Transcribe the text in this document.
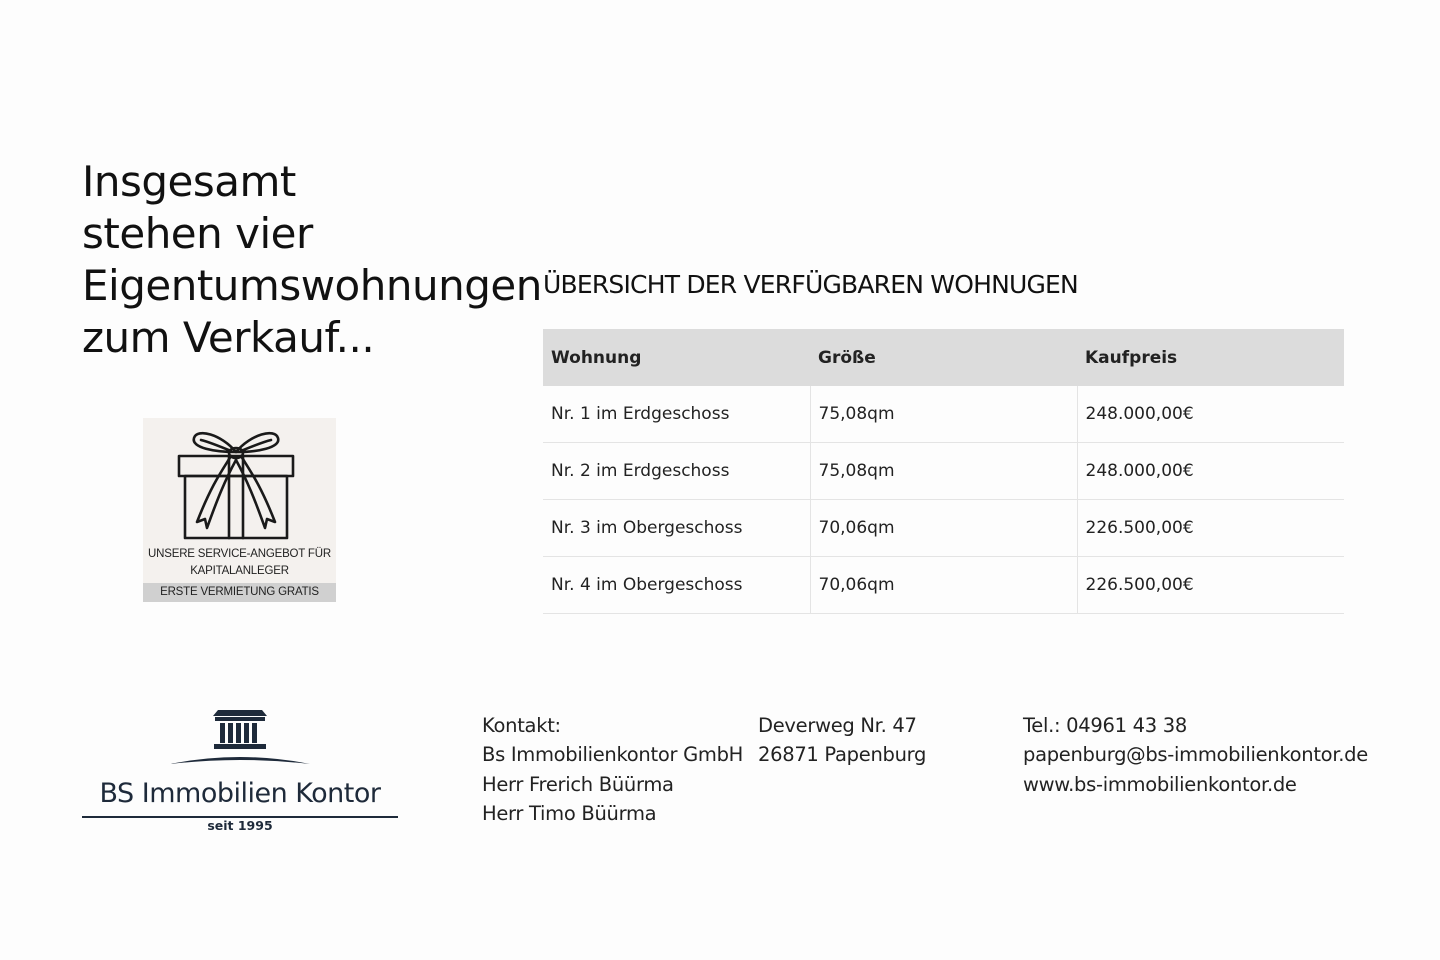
Insgesamt
stehen vier
Eigentumswohnungen
zum Verkauf...
UNSERE SERVICE-ANGEBOT FÜR
KAPITALANLEGER
ERSTE VERMIETUNG GRATIS
ÜBERSICHT DER VERFÜGBAREN WOHNUGEN
Wohnung	Größe	Kaufpreis
Nr. 1 im Erdgeschoss	75,08qm	248.000,00€
Nr. 2 im Erdgeschoss	75,08qm	248.000,00€
Nr. 3 im Obergeschoss	70,06qm	226.500,00€
Nr. 4 im Obergeschoss	70,06qm	226.500,00€
BS Immobilien Kontor
seit 1995
Kontakt:
Bs Immobilienkontor GmbH
Herr Frerich Büürma
Herr Timo Büürma
Deverweg Nr. 47
26871 Papenburg
Tel.: 04961 43 38
papenburg@bs-immobilienkontor.de
www.bs-immobilienkontor.de
